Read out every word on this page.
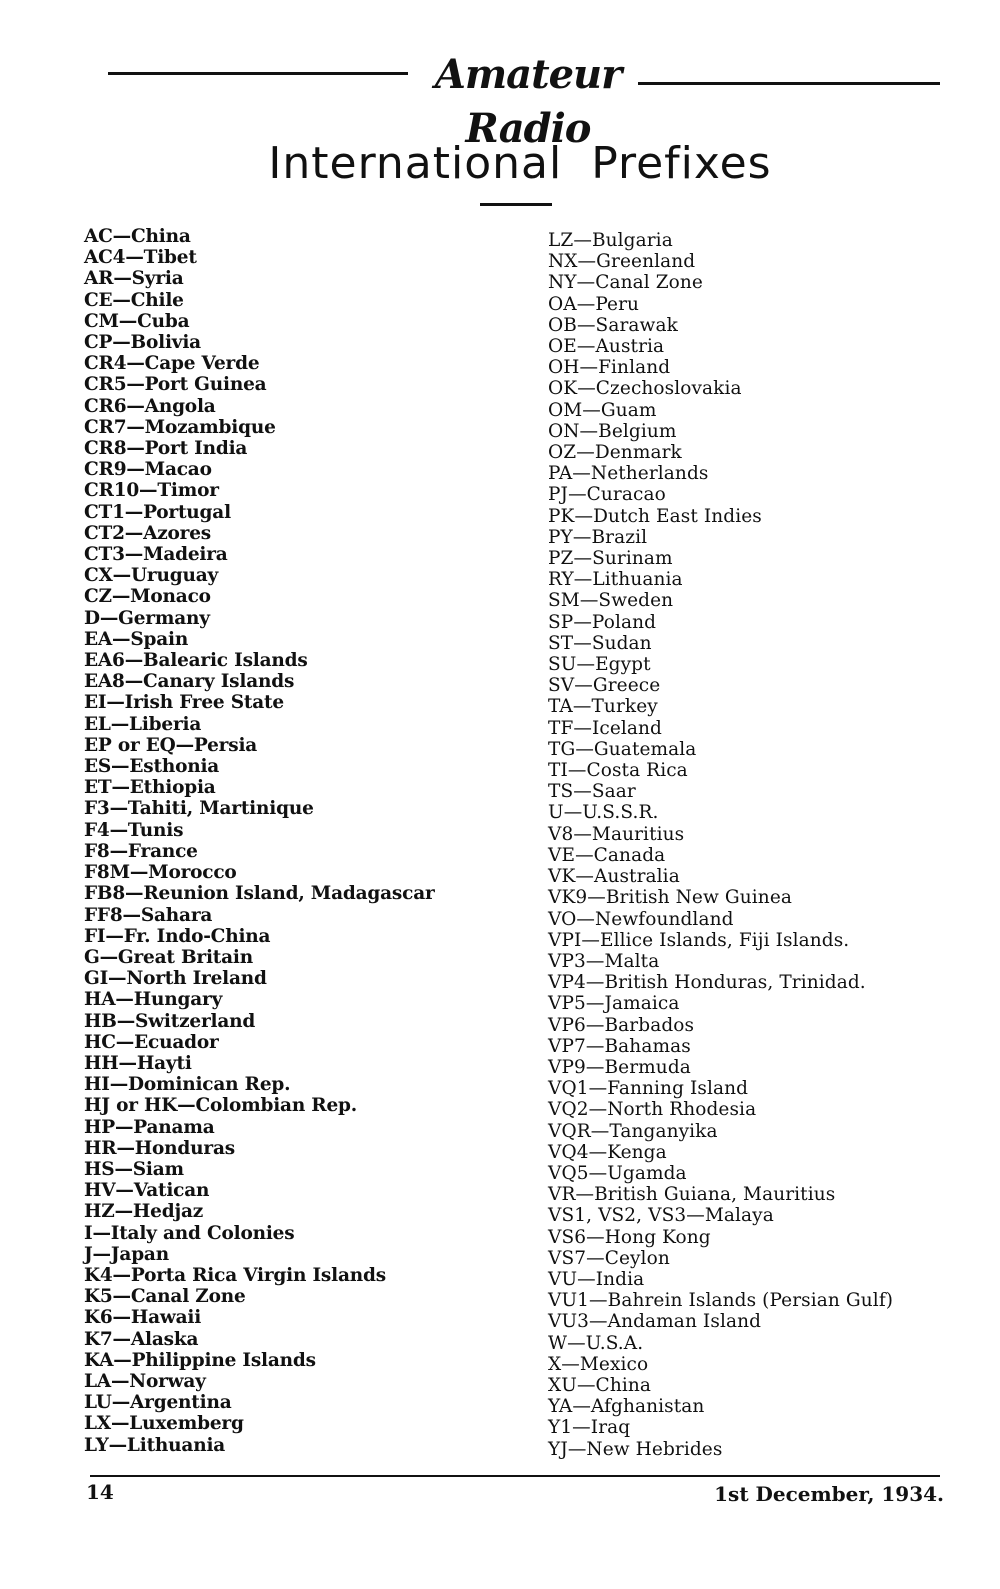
Amateur Radio
International Prefixes
AC—China
AC4—Tibet
AR—Syria
CE—Chile
CM—Cuba
CP—Bolivia
CR4—Cape Verde
CR5—Port Guinea
CR6—Angola
CR7—Mozambique
CR8—Port India
CR9—Macao
CR10—Timor
CT1—Portugal
CT2—Azores
CT3—Madeira
CX—Uruguay
CZ—Monaco
D—Germany
EA—Spain
EA6—Balearic Islands
EA8—Canary Islands
EI—Irish Free State
EL—Liberia
EP or EQ—Persia
ES—Esthonia
ET—Ethiopia
F3—Tahiti, Martinique
F4—Tunis
F8—France
F8M—Morocco
FB8—Reunion Island, Madagascar
FF8—Sahara
FI—Fr. Indo-China
G—Great Britain
GI—North Ireland
HA—Hungary
HB—Switzerland
HC—Ecuador
HH—Hayti
HI—Dominican Rep.
HJ or HK—Colombian Rep.
HP—Panama
HR—Honduras
HS—Siam
HV—Vatican
HZ—Hedjaz
I—Italy and Colonies
J—Japan
K4—Porta Rica Virgin Islands
K5—Canal Zone
K6—Hawaii
K7—Alaska
KA—Philippine Islands
LA—Norway
LU—Argentina
LX—Luxemberg
LY—Lithuania
LZ—Bulgaria
NX—Greenland
NY—Canal Zone
OA—Peru
OB—Sarawak
OE—Austria
OH—Finland
OK—Czechoslovakia
OM—Guam
ON—Belgium
OZ—Denmark
PA—Netherlands
PJ—Curacao
PK—Dutch East Indies
PY—Brazil
PZ—Surinam
RY—Lithuania
SM—Sweden
SP—Poland
ST—Sudan
SU—Egypt
SV—Greece
TA—Turkey
TF—Iceland
TG—Guatemala
TI—Costa Rica
TS—Saar
U—U.S.S.R.
V8—Mauritius
VE—Canada
VK—Australia
VK9—British New Guinea
VO—Newfoundland
VPI—Ellice Islands, Fiji Islands.
VP3—Malta
VP4—British Honduras, Trinidad.
VP5—Jamaica
VP6—Barbados
VP7—Bahamas
VP9—Bermuda
VQ1—Fanning Island
VQ2—North Rhodesia
VQR—Tanganyika
VQ4—Kenga
VQ5—Ugamda
VR—British Guiana, Mauritius
VS1, VS2, VS3—Malaya
VS6—Hong Kong
VS7—Ceylon
VU—India
VU1—Bahrein Islands (Persian Gulf)
VU3—Andaman Island
W—U.S.A.
X—Mexico
XU—China
YA—Afghanistan
Y1—Iraq
YJ—New Hebrides
14	1st December, 1934.
